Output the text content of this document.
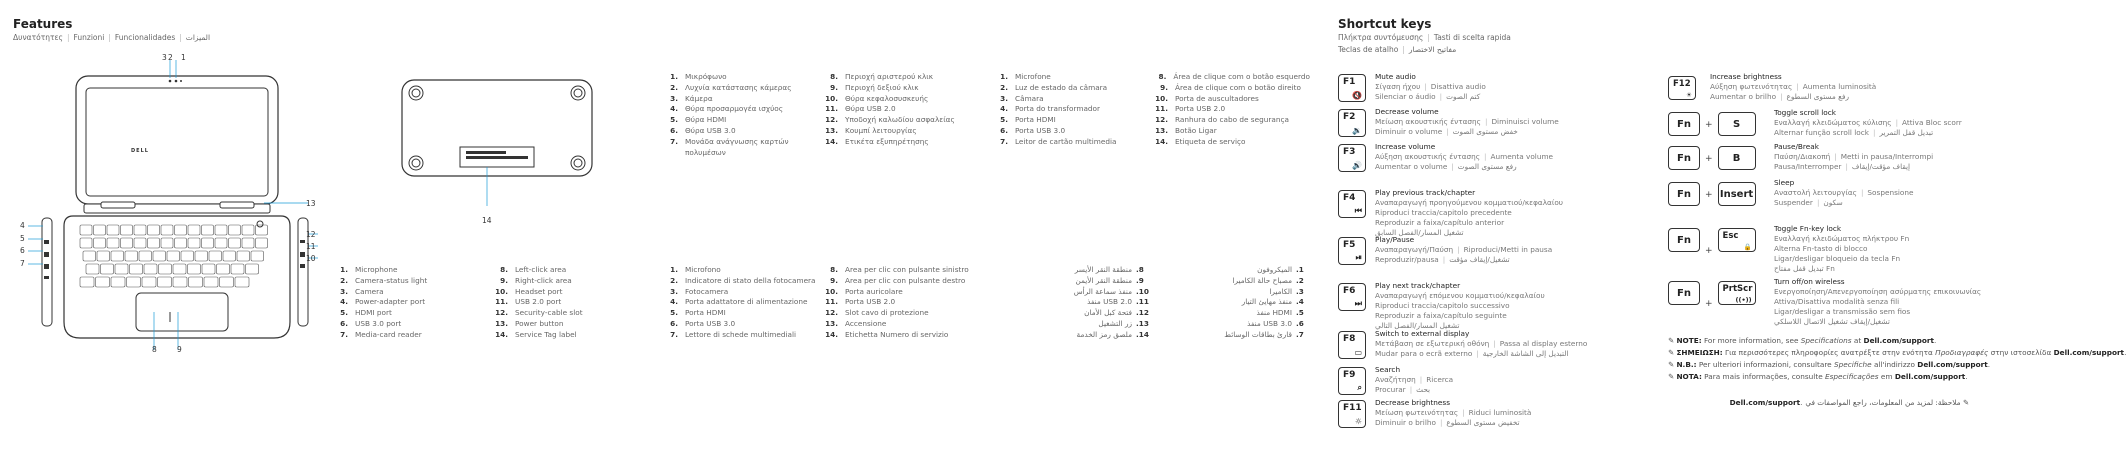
Features
Δυνατότητες | Funzioni | Funcionalidades | الميزات
DELL
3 2 1
4
5
6
7
12
11
10
13
8	9
14
1. Microphone
2. Camera-status light
3. Camera
4. Power-adapter port
5. HDMI port
6. USB 3.0 port
7. Media-card reader
8. Left-click area
9. Right-click area
10. Headset port
11. USB 2.0 port
12. Security-cable slot
13. Power button
14. Service Tag label
1. Μικρόφωνο
2. Λυχνία κατάστασης κάμερας
3. Κάμερα
4. Θύρα προσαρμογέα ισχύος
5. Θύρα HDMI
6. Θύρα USB 3.0
7. Μονάδα ανάγνωσης καρτών πολυμέσων
8. Περιοχή αριστερού κλικ
9. Περιοχή δεξιού κλικ
10. Θύρα κεφαλοσυσκευής
11. Θύρα USB 2.0
12. Υποδοχή καλωδίου ασφαλείας
13. Κουμπί λειτουργίας
14. Ετικέτα εξυπηρέτησης
1. Microfono
2. Indicatore di stato della fotocamera
3. Fotocamera
4. Porta adattatore di alimentazione
5. Porta HDMI
6. Porta USB 3.0
7. Lettore di schede multimediali
8. Area per clic con pulsante sinistro
9. Area per clic con pulsante destro
10. Porta auricolare
11. Porta USB 2.0
12. Slot cavo di protezione
13. Accensione
14. Etichetta Numero di servizio
1. Microfone
2. Luz de estado da câmara
3. Câmara
4. Porta do transformador
5. Porta HDMI
6. Porta USB 3.0
7. Leitor de cartão multimedia
8. Área de clique com o botão esquerdo
9. Área de clique com o botão direito
10. Porta de auscultadores
11. Porta USB 2.0
12. Ranhura do cabo de segurança
13. Botão Ligar
14. Etiqueta de serviço
منطقة النقر الأيسر .8
منطقة النقر الأيمن .9
منفذ سماعة الرأس .10
منفذ USB 2.0 .11
فتحة كبل الأمان .12
زر التشغيل .13
ملصق رمز الخدمة .14
الميكروفون .1
مصباح حالة الكاميرا .2
الكاميرا .3
منفذ مهايئ التيار .4
منفذ HDMI .5
منفذ USB 3.0 .6
قارئ بطاقات الوسائط .7
Shortcut keys
Πλήκτρα συντόμευσης | Tasti di scelta rapida
Teclas de atalho | مفاتيح الاختصار
F1
🔇
Mute audio
Σίγαση ήχου | Disattiva audio
Silenciar o áudio | كتم الصوت
F2
🔉
Decrease volume
Μείωση ακουστικής έντασης | Diminuisci volume
Diminuir o volume | خفض مستوى الصوت
F3
🔊
Increase volume
Αύξηση ακουστικής έντασης | Aumenta volume
Aumentar o volume | رفع مستوى الصوت
F4
⏮
Play previous track/chapter
Αναπαραγωγή προηγούμενου κομματιού/κεφαλαίου
Riproduci traccia/capitolo precedente
Reproduzir a faixa/capítulo anterior
تشغيل المسار/الفصل السابق
F5
⏯
Play/Pause
Αναπαραγωγή/Παύση | Riproduci/Metti in pausa
Reproduzir/pausa | تشغيل/إيقاف مؤقت
F6
⏭
Play next track/chapter
Αναπαραγωγή επόμενου κομματιού/κεφαλαίου
Riproduci traccia/capitolo successivo
Reproduzir a faixa/capítulo seguinte
تشغيل المسار/الفصل التالي
F8
▭
Switch to external display
Μετάβαση σε εξωτερική οθόνη | Passa al display esterno
Mudar para o ecrã externo | التبديل إلى الشاشة الخارجية
F9
⌕
Search
Αναζήτηση | Ricerca
Procurar | بحث
F11
☼
Decrease brightness
Μείωση φωτεινότητας | Riduci luminosità
Diminuir o brilho | تخفيض مستوى السطوع
☀
F12
Increase brightness
Αύξηση φωτεινότητας | Aumenta luminosità
Aumentar o brilho | رفع مستوى السطوع
Fn + S
Toggle scroll lock
Εναλλαγή κλειδώματος κύλισης | Attiva Bloc scorr
Alternar função scroll lock | تبديل قفل التمرير
Fn + B
Pause/Break
Παύση/Διακοπή | Metti in pausa/Interrompi
Pausa/Interromper | إيقاف مؤقت/إيقاف
Fn + Insert
Sleep
Αναστολή λειτουργίας | Sospensione
Suspender | سكون
Fn
+	🔒
Esc
Toggle Fn-key lock
Εναλλαγή κλειδώματος πλήκτρου Fn
Alterna Fn-tasto di blocco
Ligar/desligar bloqueio da tecla Fn
تبديل قفل مفتاح Fn
Fn
+	((•))
PrtScr
Turn off/on wireless
Ενεργοποίηση/Απενεργοποίηση ασύρματης επικοινωνίας
Attiva/Disattiva modalità senza fili
Ligar/desligar a transmissão sem fios
تشغيل/إيقاف تشغيل الاتصال اللاسلكي
✎ NOTE: For more information, see Specifications at Dell.com/support.
✎ ΣΗΜΕΙΩΣΗ: Για περισσότερες πληροφορίες ανατρέξτε στην ενότητα Προδιαγραφές στην ιστοσελίδα Dell.com/support
✎ N.B.: Per ulteriori informazioni, consultare Specifiche all'indirizzo Dell.com/support.
✎ NOTA: Para mais informações, consulte Especificações em Dell.com/support.
Dell.com/support. ملاحظة: لمزيد من المعلومات، راجع المواصفات في ✎
